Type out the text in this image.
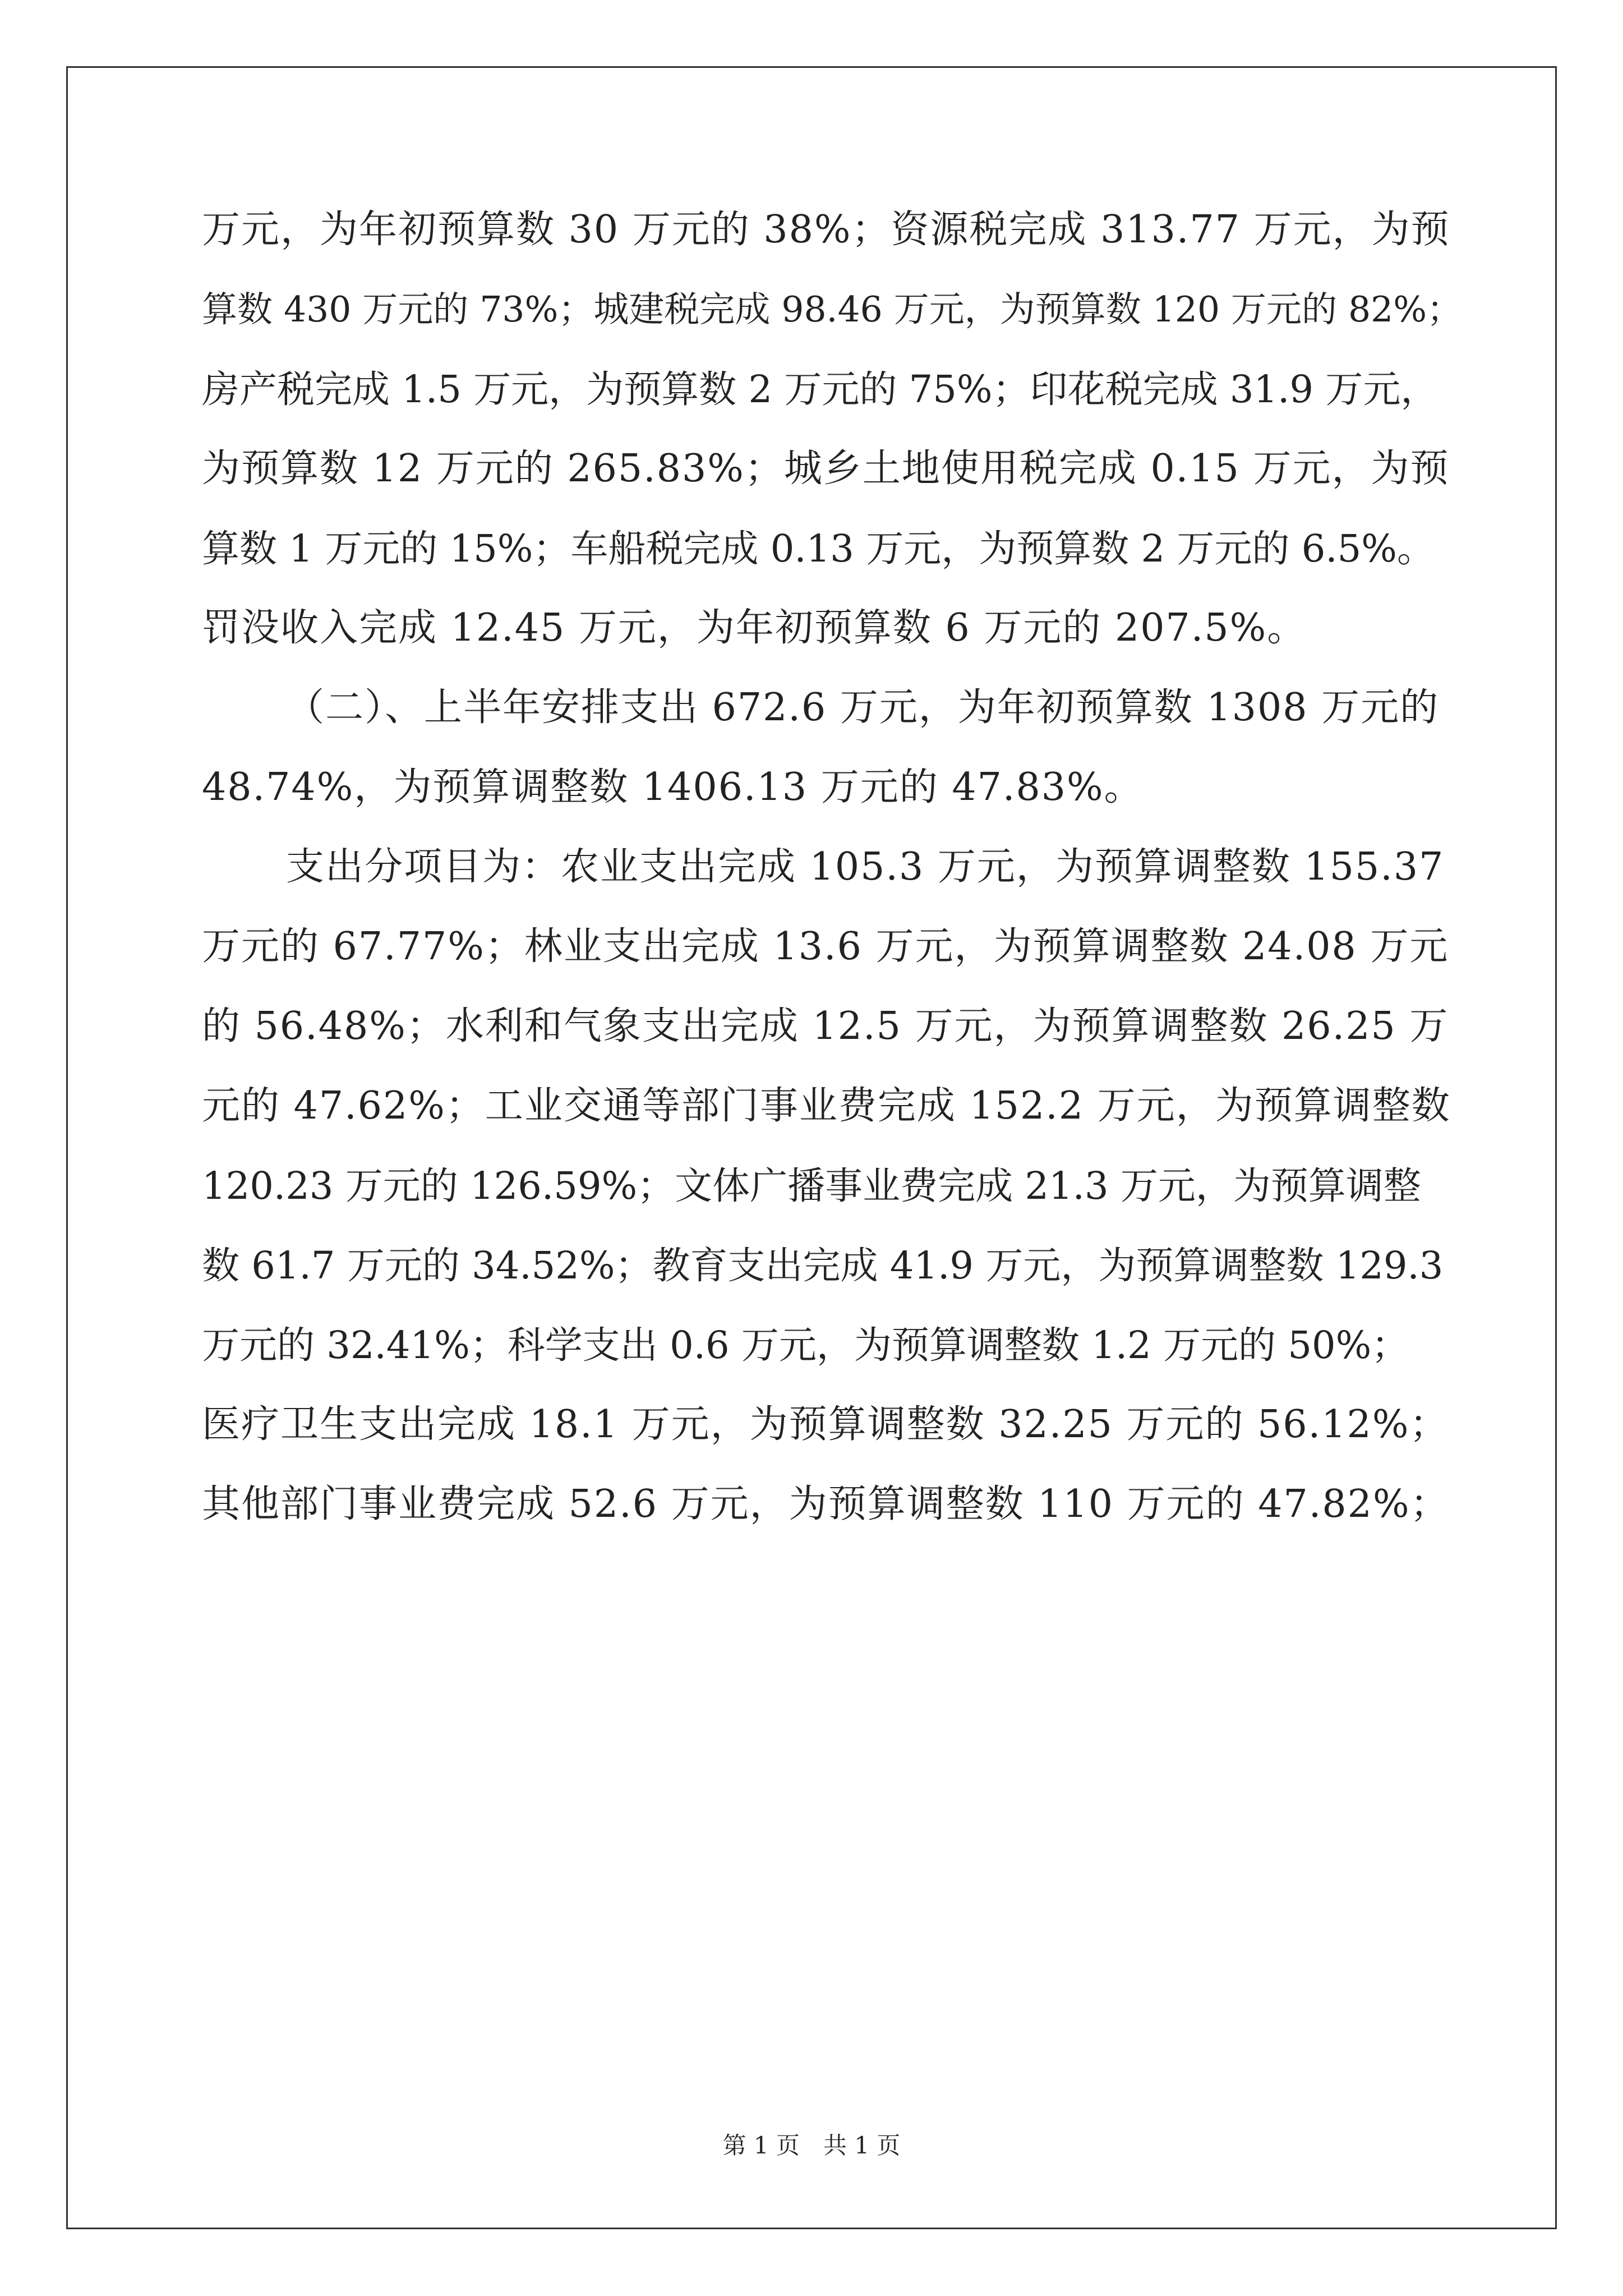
万元，为年初预算数 30 万元的 38%；资源税完成 313.77 万元，为预
算数 430 万元的 73%；城建税完成 98.46 万元，为预算数 120 万元的 82%；
房产税完成 1.5 万元，为预算数 2 万元的 75%；印花税完成 31.9 万元，
为预算数 12 万元的 265.83%；城乡土地使用税完成 0.15 万元，为预
算数 1 万元的 15%；车船税完成 0.13 万元，为预算数 2 万元的 6.5%。
罚没收入完成 12.45 万元，为年初预算数 6 万元的 207.5%。
（二）、上半年安排支出 672.6 万元，为年初预算数 1308 万元的
48.74%，为预算调整数 1406.13 万元的 47.83%。
支出分项目为：农业支出完成 105.3 万元，为预算调整数 155.37
万元的 67.77%；林业支出完成 13.6 万元，为预算调整数 24.08 万元
的 56.48%；水利和气象支出完成 12.5 万元，为预算调整数 26.25 万
元的 47.62%；工业交通等部门事业费完成 152.2 万元，为预算调整数
120.23 万元的 126.59%；文体广播事业费完成 21.3 万元，为预算调整
数 61.7 万元的 34.52%；教育支出完成 41.9 万元，为预算调整数 129.3
万元的 32.41%；科学支出 0.6 万元，为预算调整数 1.2 万元的 50%；
医疗卫生支出完成 18.1 万元，为预算调整数 32.25 万元的 56.12%；
其他部门事业费完成 52.6 万元，为预算调整数 110 万元的 47.82%；
第 1 页　共 1 页
